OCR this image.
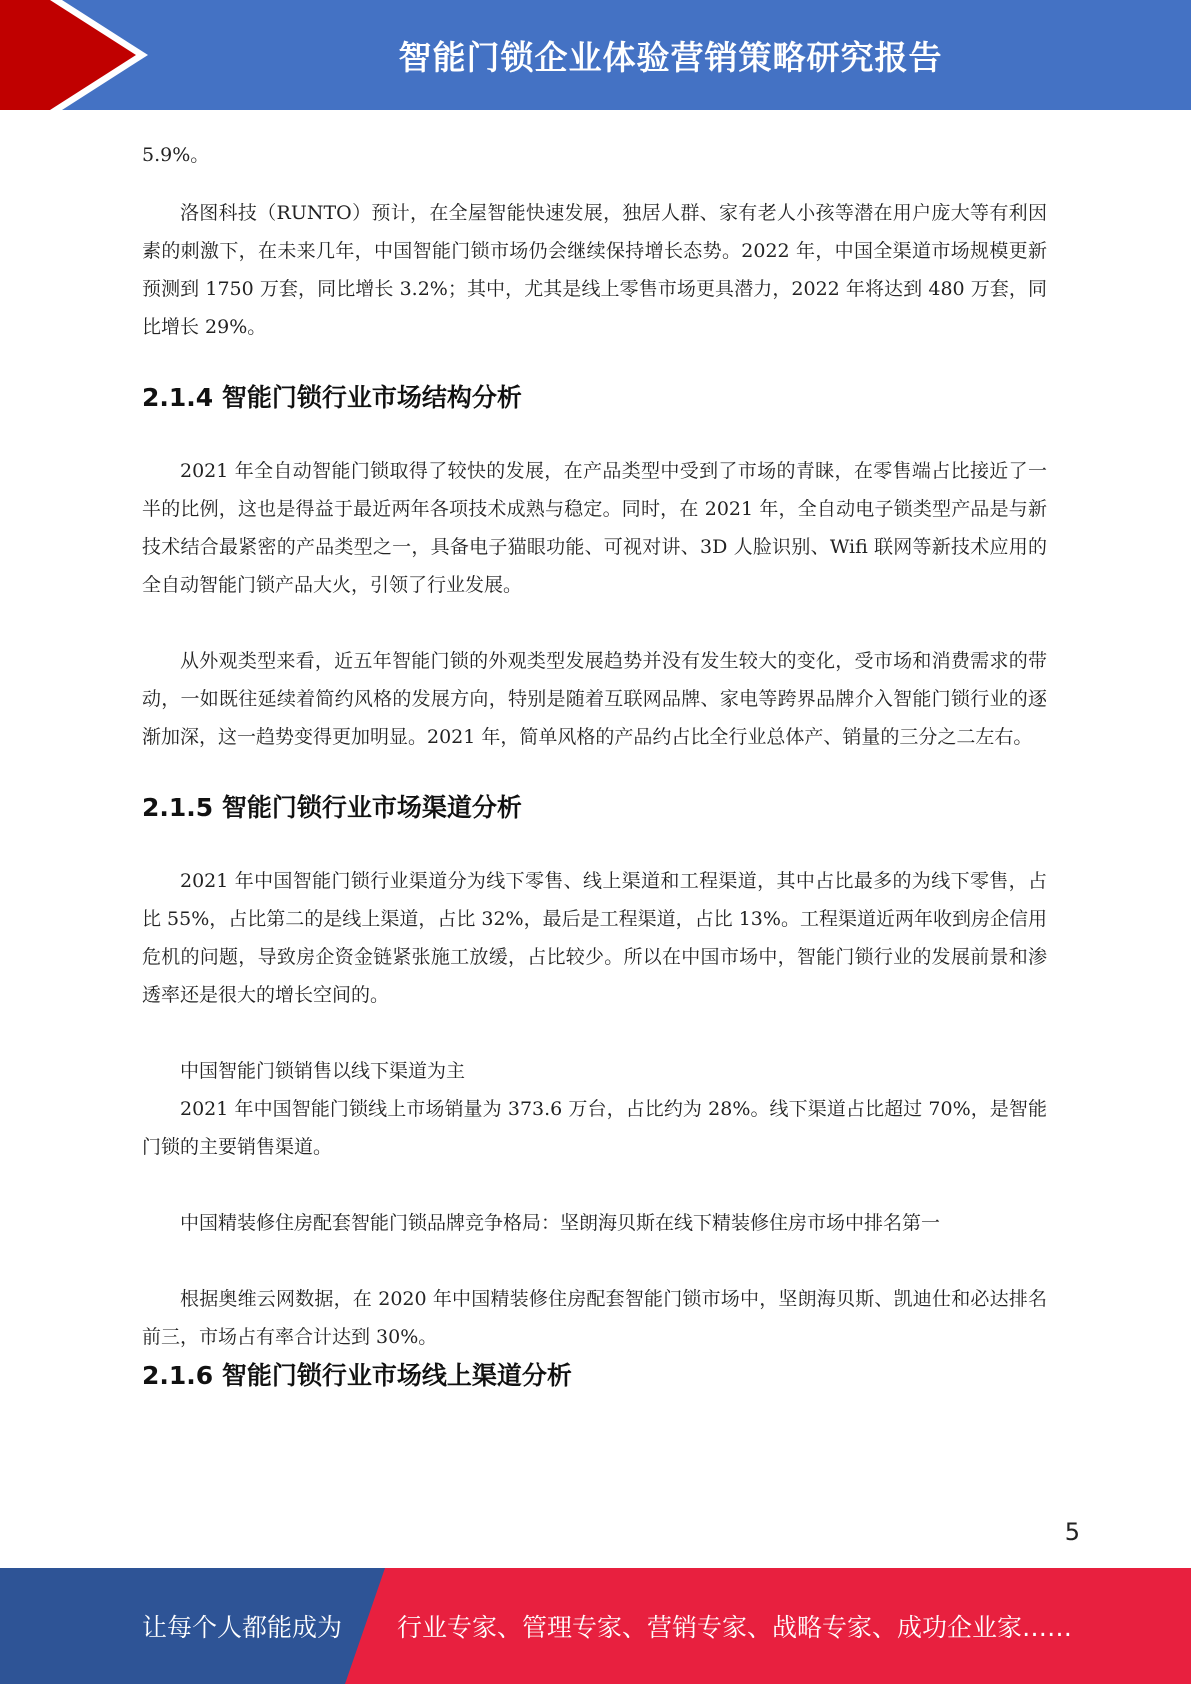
智能门锁企业体验营销策略研究报告

5.9%。

洛图科技（RUNTO）预计，在全屋智能快速发展，独居人群、家有老人小孩等潜在用户庞大等有利因素的刺激下，在未来几年，中国智能门锁市场仍会继续保持增长态势。2022 年，中国全渠道市场规模更新预测到 1750 万套，同比增长 3.2%；其中，尤其是线上零售市场更具潜力，2022 年将达到 480 万套，同比增长 29%。

2.1.4 智能门锁行业市场结构分析

2021 年全自动智能门锁取得了较快的发展，在产品类型中受到了市场的青睐，在零售端占比接近了一半的比例，这也是得益于最近两年各项技术成熟与稳定。同时，在 2021 年，全自动电子锁类型产品是与新技术结合最紧密的产品类型之一，具备电子猫眼功能、可视对讲、3D 人脸识别、Wifi 联网等新技术应用的全自动智能门锁产品大火，引领了行业发展。

从外观类型来看，近五年智能门锁的外观类型发展趋势并没有发生较大的变化，受市场和消费需求的带动，一如既往延续着简约风格的发展方向，特别是随着互联网品牌、家电等跨界品牌介入智能门锁行业的逐渐加深，这一趋势变得更加明显。2021 年，简单风格的产品约占比全行业总体产、销量的三分之二左右。

2.1.5 智能门锁行业市场渠道分析

2021 年中国智能门锁行业渠道分为线下零售、线上渠道和工程渠道，其中占比最多的为线下零售，占比 55%，占比第二的是线上渠道，占比 32%，最后是工程渠道，占比 13%。工程渠道近两年收到房企信用危机的问题，导致房企资金链紧张施工放缓，占比较少。所以在中国市场中，智能门锁行业的发展前景和渗透率还是很大的增长空间的。

中国智能门锁销售以线下渠道为主

2021 年中国智能门锁线上市场销量为 373.6 万台，占比约为 28%。线下渠道占比超过 70%，是智能门锁的主要销售渠道。

中国精装修住房配套智能门锁品牌竞争格局：坚朗海贝斯在线下精装修住房市场中排名第一

根据奥维云网数据，在 2020 年中国精装修住房配套智能门锁市场中，坚朗海贝斯、凯迪仕和必达排名前三，市场占有率合计达到 30%。

2.1.6 智能门锁行业市场线上渠道分析
5
让每个人都能成为 行业专家、管理专家、营销专家、战略专家、成功企业家……
